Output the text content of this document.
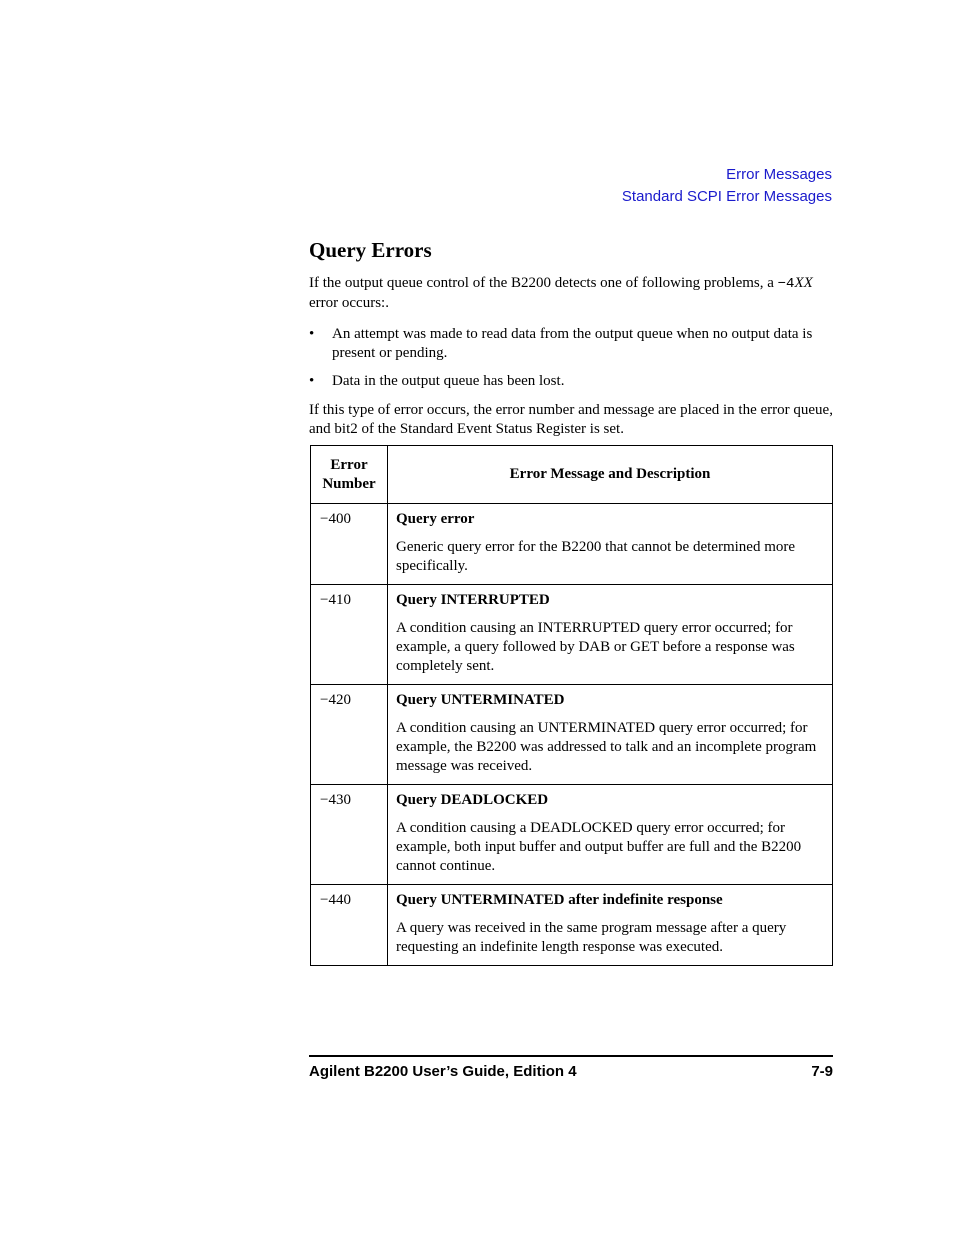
Error Messages
Standard SCPI Error Messages
Query Errors

If the output queue control of the B2200 detects one of following problems, a −4XX
error occurs:.

• An attempt was made to read data from the output queue when no output data is present or pending.
• Data in the output queue has been lost.

If this type of error occurs, the error number and message are placed in the error queue, and bit2 of the Standard Event Status Register is set.

Error Number	Error Message and Description
−400	Query error
Generic query error for the B2200 that cannot be determined more specifically.

−410	Query INTERRUPTED
A condition causing an INTERRUPTED query error occurred; for example, a query followed by DAB or GET before a response was completely sent.

−420	Query UNTERMINATED
A condition causing an UNTERMINATED query error occurred; for example, the B2200 was addressed to talk and an incomplete program message was received.

−430	Query DEADLOCKED
A condition causing a DEADLOCKED query error occurred; for example, both input buffer and output buffer are full and the B2200 cannot continue.

−440	Query UNTERMINATED after indefinite response
A query was received in the same program message after a query requesting an indefinite length response was executed.
Agilent B2200 User’s Guide, Edition 4	7-9
